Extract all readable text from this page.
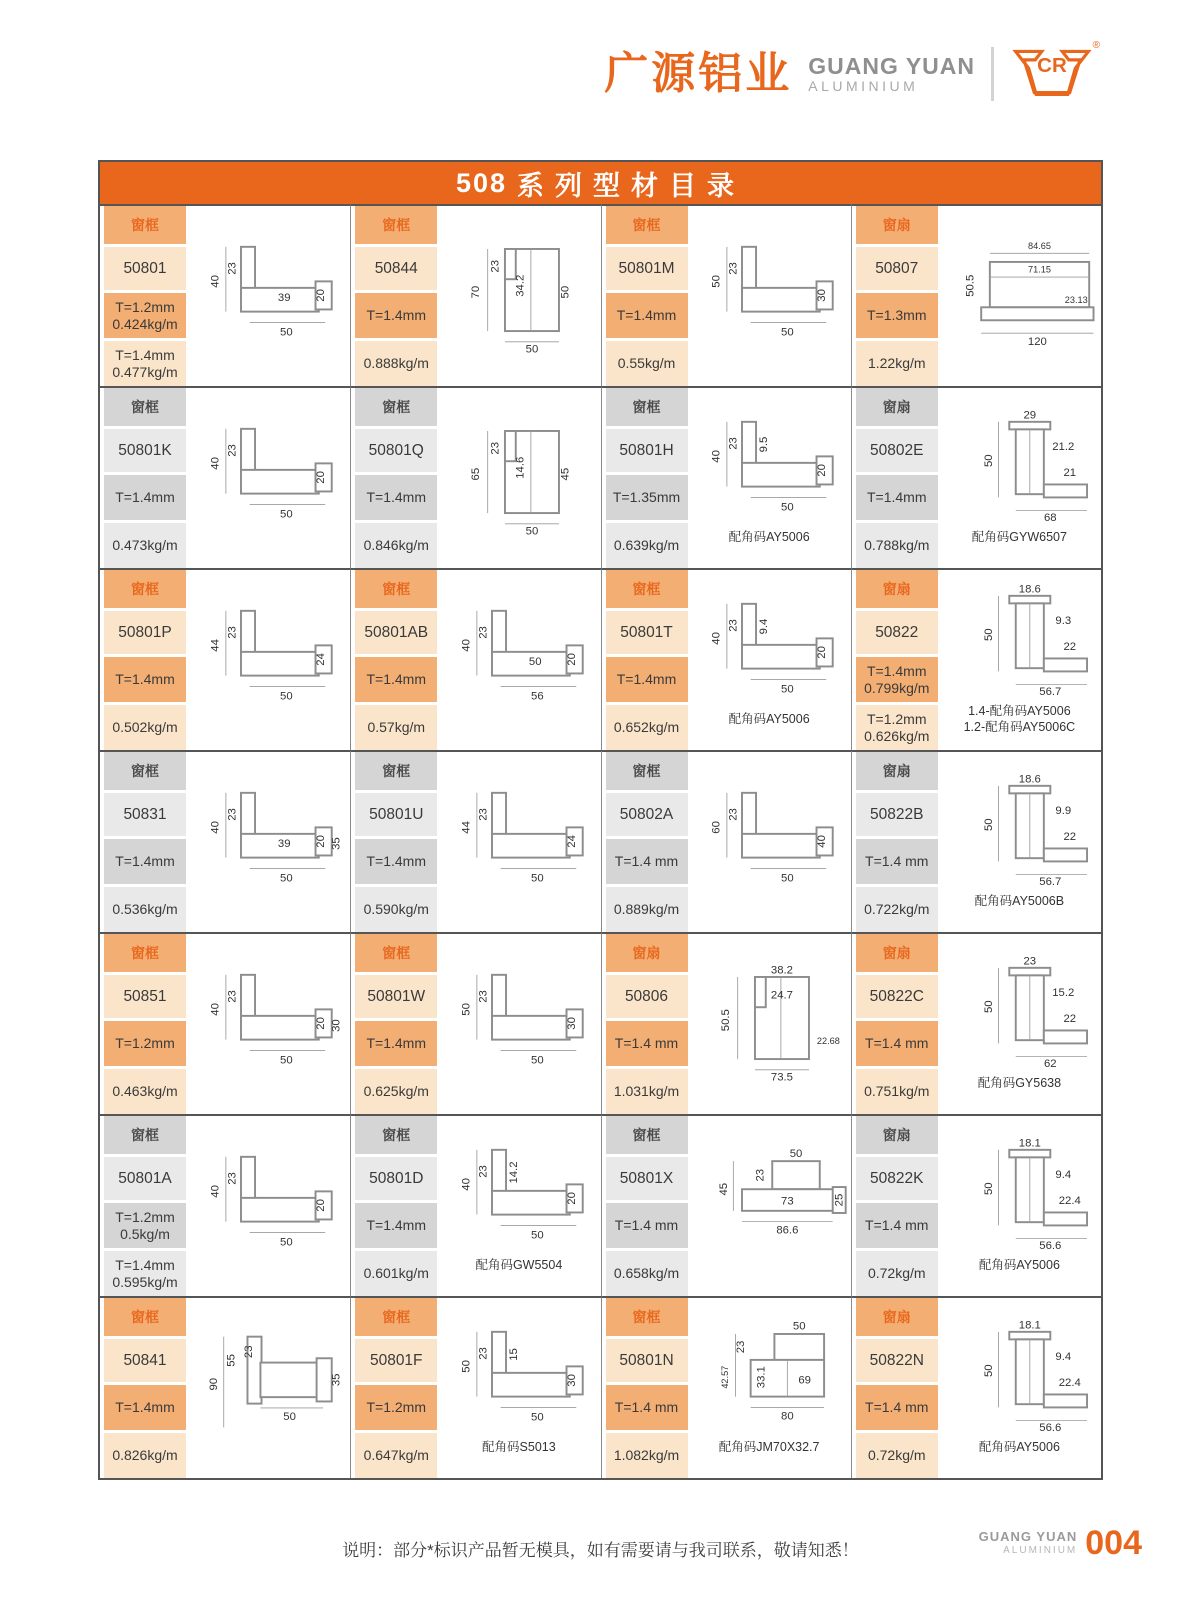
广源铝业 GUANG YUAN
ALUMINIUM
CR
®
508 系列型材目录
窗框
50801
T=1.2mm
0.424kg/m
T=1.4mm
0.477kg/m
40
23
39
50
20
窗框
50844
T=1.4mm
0.888kg/m
70
23
34.2	50
50
窗框
50801M
T=1.4mm
0.55kg/m
50
23
50
30
窗扇
50807
T=1.3mm
1.22kg/m
84.65
71.15
50.5
23.13
120
窗框
50801K
T=1.4mm
0.473kg/m
40
23
50
20
窗框
50801Q
T=1.4mm
0.846kg/m
65
23
14.6	45
50
窗框
50801H
T=1.35mm
0.639kg/m
40
23 9.5
50
20
配角码AY5006
窗扇
50802E
T=1.4mm
0.788kg/m
29
21.2
50
21
68
配角码GYW6507
窗框
50801P
T=1.4mm
0.502kg/m
44
23
50
24
窗框
50801AB
T=1.4mm
0.57kg/m
40
23
50
56
20
窗框
50801T
T=1.4mm
0.652kg/m
40
23 9.4
50
20
配角码AY5006
窗扇
50822
T=1.4mm
0.799kg/m
T=1.2mm
0.626kg/m
18.6
50
9.3
22
56.7
1.4-配角码AY5006
1.2-配角码AY5006C
窗框
50831
T=1.4mm
0.536kg/m
40
23
39
50
20 35
窗框
50801U
T=1.4mm
0.590kg/m
44
23
50
24
窗框
50802A
T=1.4 mm
0.889kg/m
60
23
50
40
窗扇
50822B
T=1.4 mm
0.722kg/m
18.6
50
9.9
22
56.7
配角码AY5006B
窗框
50851
T=1.2mm
0.463kg/m
40
23
50
20 30
窗框
50801W
T=1.4mm
0.625kg/m
50
23
50
30
窗扇
50806
T=1.4 mm
1.031kg/m
38.2
24.7
50.5
22.68
73.5
窗扇
50822C
T=1.4 mm
0.751kg/m
23
15.2
50
22
62
配角码GY5638
窗框
50801A
T=1.2mm
0.5kg/m
T=1.4mm
0.595kg/m
40
23
50
20
窗框
50801D
T=1.4mm
0.601kg/m
40
23 14.2
50
20
配角码GW5504
窗框
50801X
T=1.4 mm
0.658kg/m
50
23
45
73	25
86.6
窗扇
50822K
T=1.4 mm
0.72kg/m
18.1
9.4
50
22.4
56.6
配角码AY5006
窗框
50841
T=1.4mm
0.826kg/m
90
55
23
50
35
窗框
50801F
T=1.2mm
0.647kg/m
50
23 15
50
30
配角码S5013
窗框
50801N
T=1.4 mm
1.082kg/m
50
23
42.57 33.1	69
80
配角码JM70X32.7
窗扇
50822N
T=1.4 mm
0.72kg/m
18.1
9.4
50
22.4
56.6
配角码AY5006
说明：部分*标识产品暂无模具，如有需要请与我司联系，敬请知悉！
GUANG YUAN
ALUMINIUM 004
